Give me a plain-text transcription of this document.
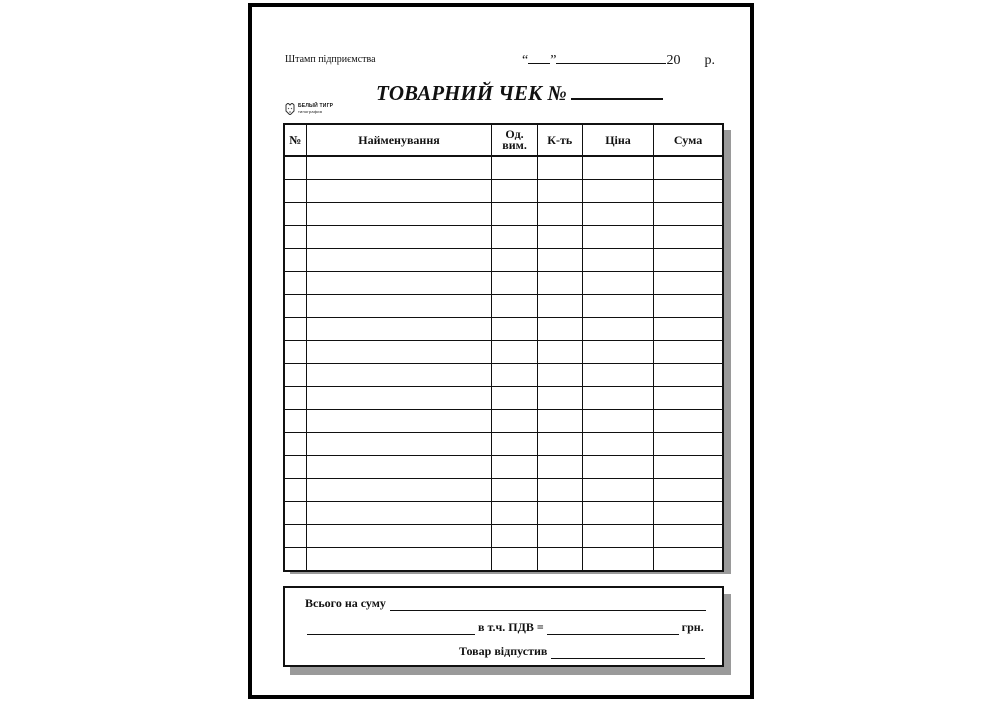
Штамп підприємства	“ ”	20 р.
ТОВАРНИЙ ЧЕК №
БЕЛЫЙ ТИГР
типография
№	Найменування	Од. вим.	К-ть	Ціна	Сума

Всього на суму
в т.ч. ПДВ =	грн.
Товар відпустив
